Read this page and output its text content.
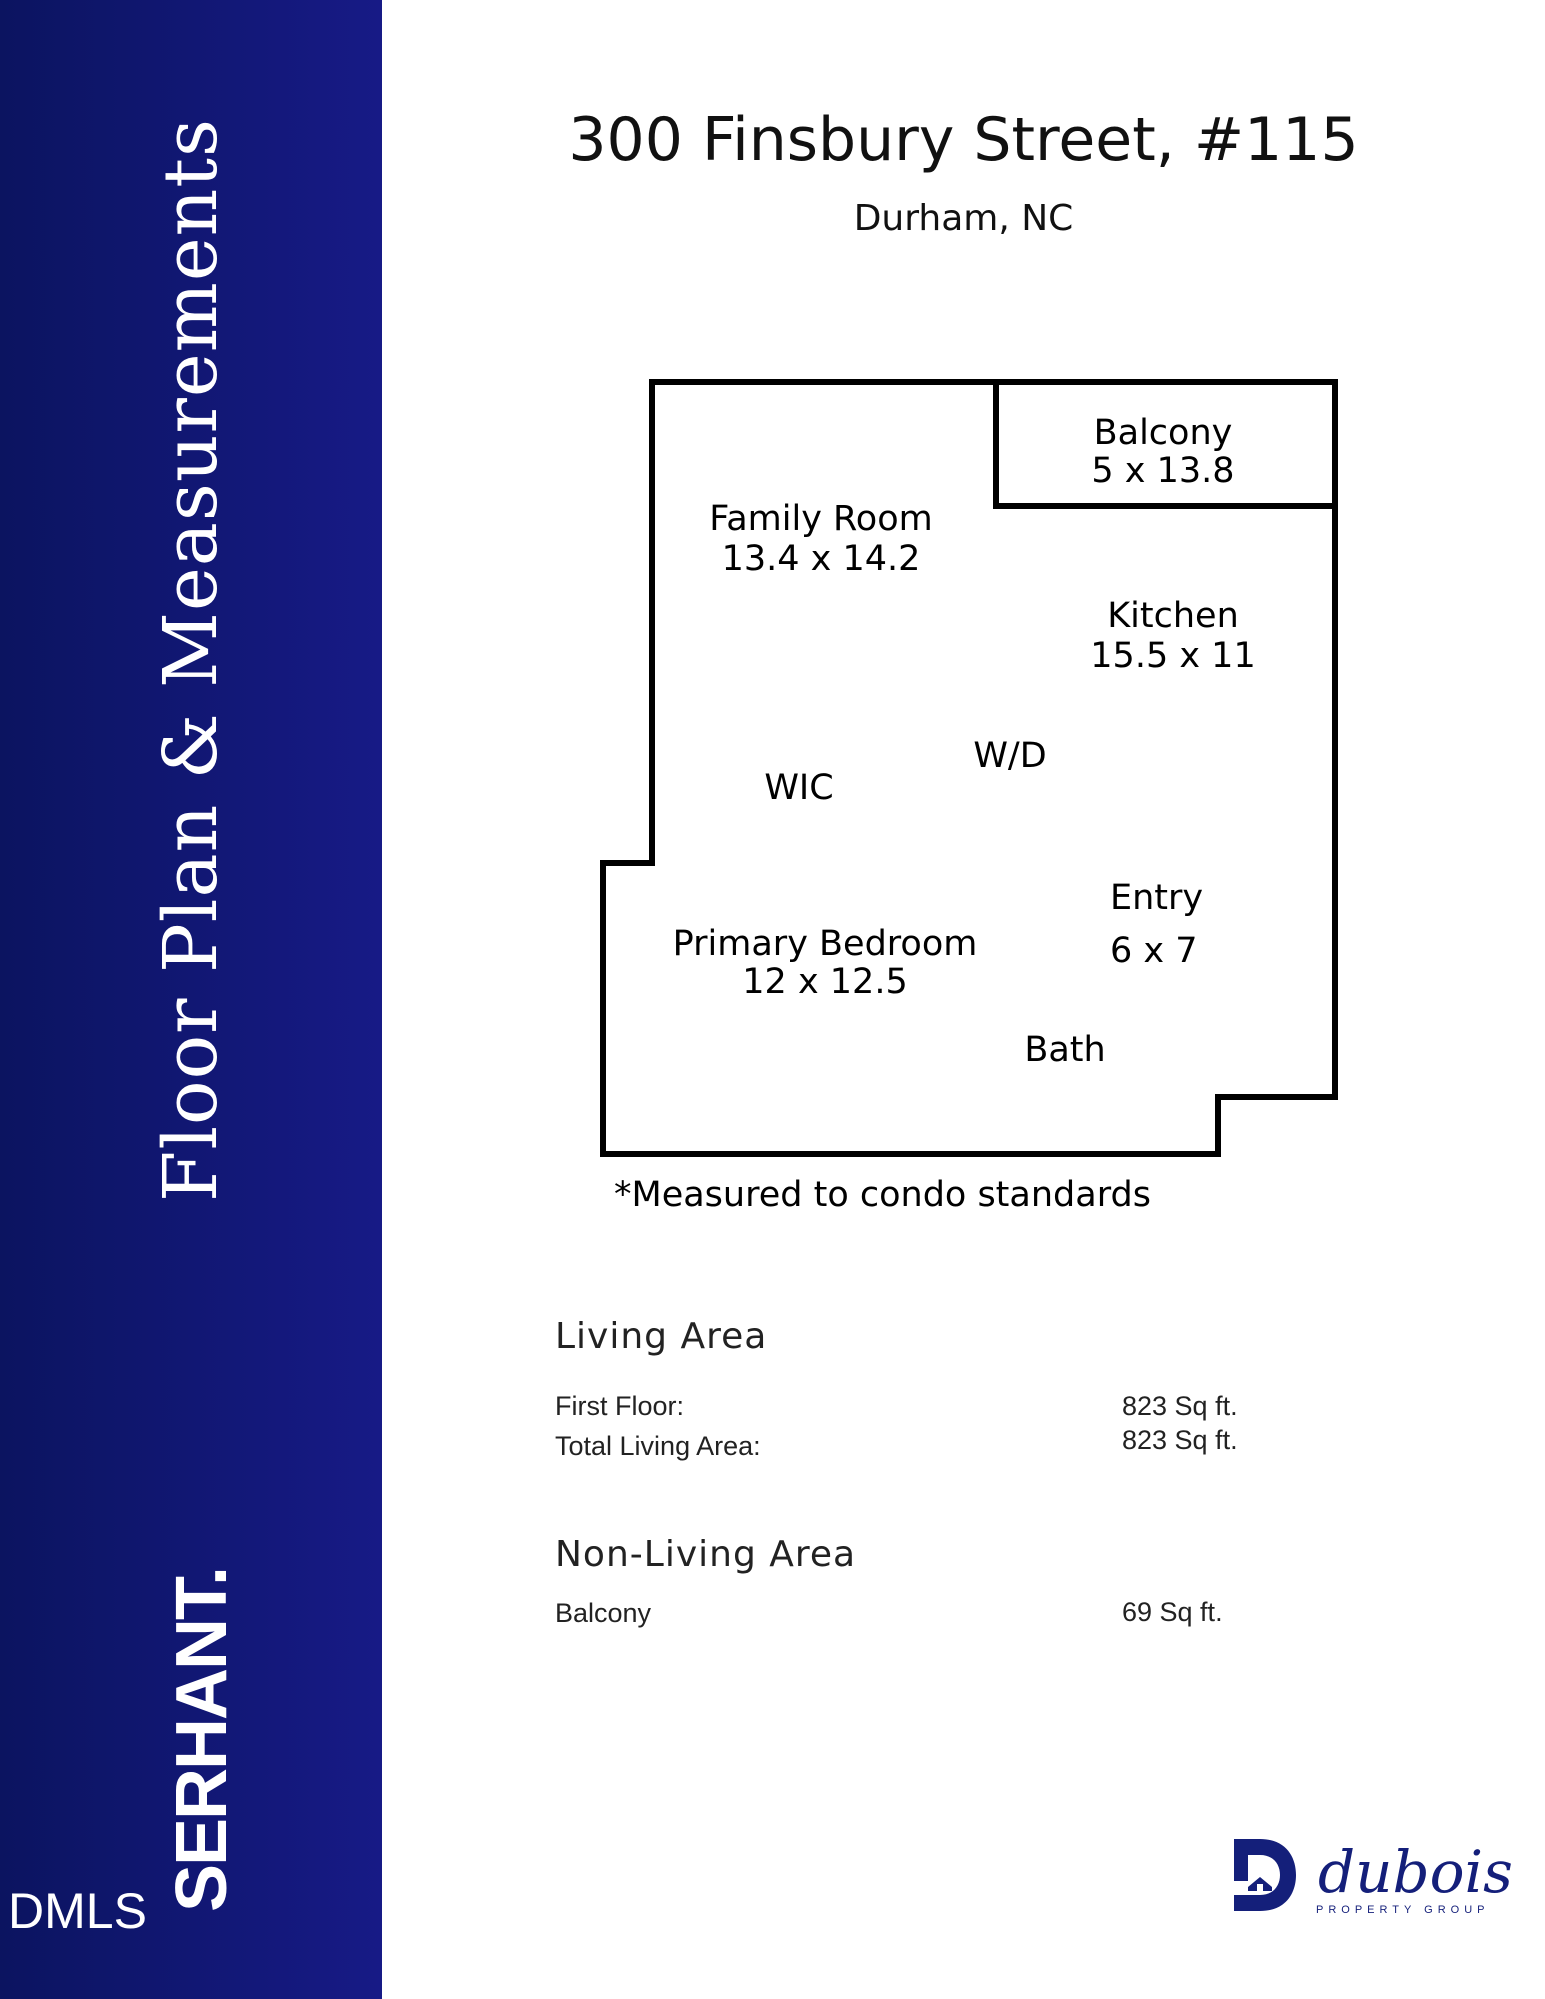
Floor Plan & Measurements
SERHANT.
DMLS
300 Finsbury Street, #115
Durham, NC
Balcony
5 x 13.8
Family Room
13.4 x 14.2
Kitchen
15.5 x 11
W/D
WIC
Entry
6 x 7
Primary Bedroom
12 x 12.5
Bath
*Measured to condo standards
Living Area
First Floor:	823 Sq ft.
Total Living Area:	823 Sq ft.
Non-Living Area
Balcony	69 Sq ft.
dubois
PROPERTY GROUP
